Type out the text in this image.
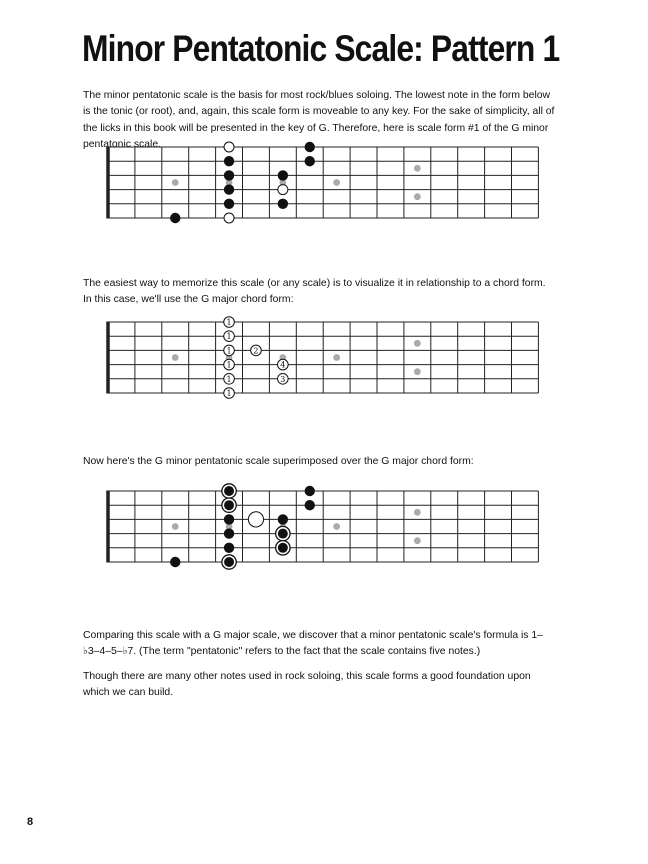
Minor Pentatonic Scale: Pattern 1

The minor pentatonic scale is the basis for most rock/blues soloing. The lowest note in the form below is the tonic (or root), and, again, this scale form is moveable to any key. For the sake of simplicity, all of the licks in this book will be presented in the key of G. Therefore, here is scale form #1 of the G minor pentatonic scale.

The easiest way to memorize this scale (or any scale) is to visualize it in relationship to a chord form. In this case, we'll use the G major chord form:

1
1
1
1
1
1
2
4
3

Now here's the G minor pentatonic scale superimposed over the G major chord form:

Comparing this scale with a G major scale, we discover that a minor pentatonic scale's formula is 1–♭3–4–5–♭7. (The term "pentatonic" refers to the fact that the scale contains five notes.)

Though there are many other notes used in rock soloing, this scale forms a good foundation upon which we can build.

8
